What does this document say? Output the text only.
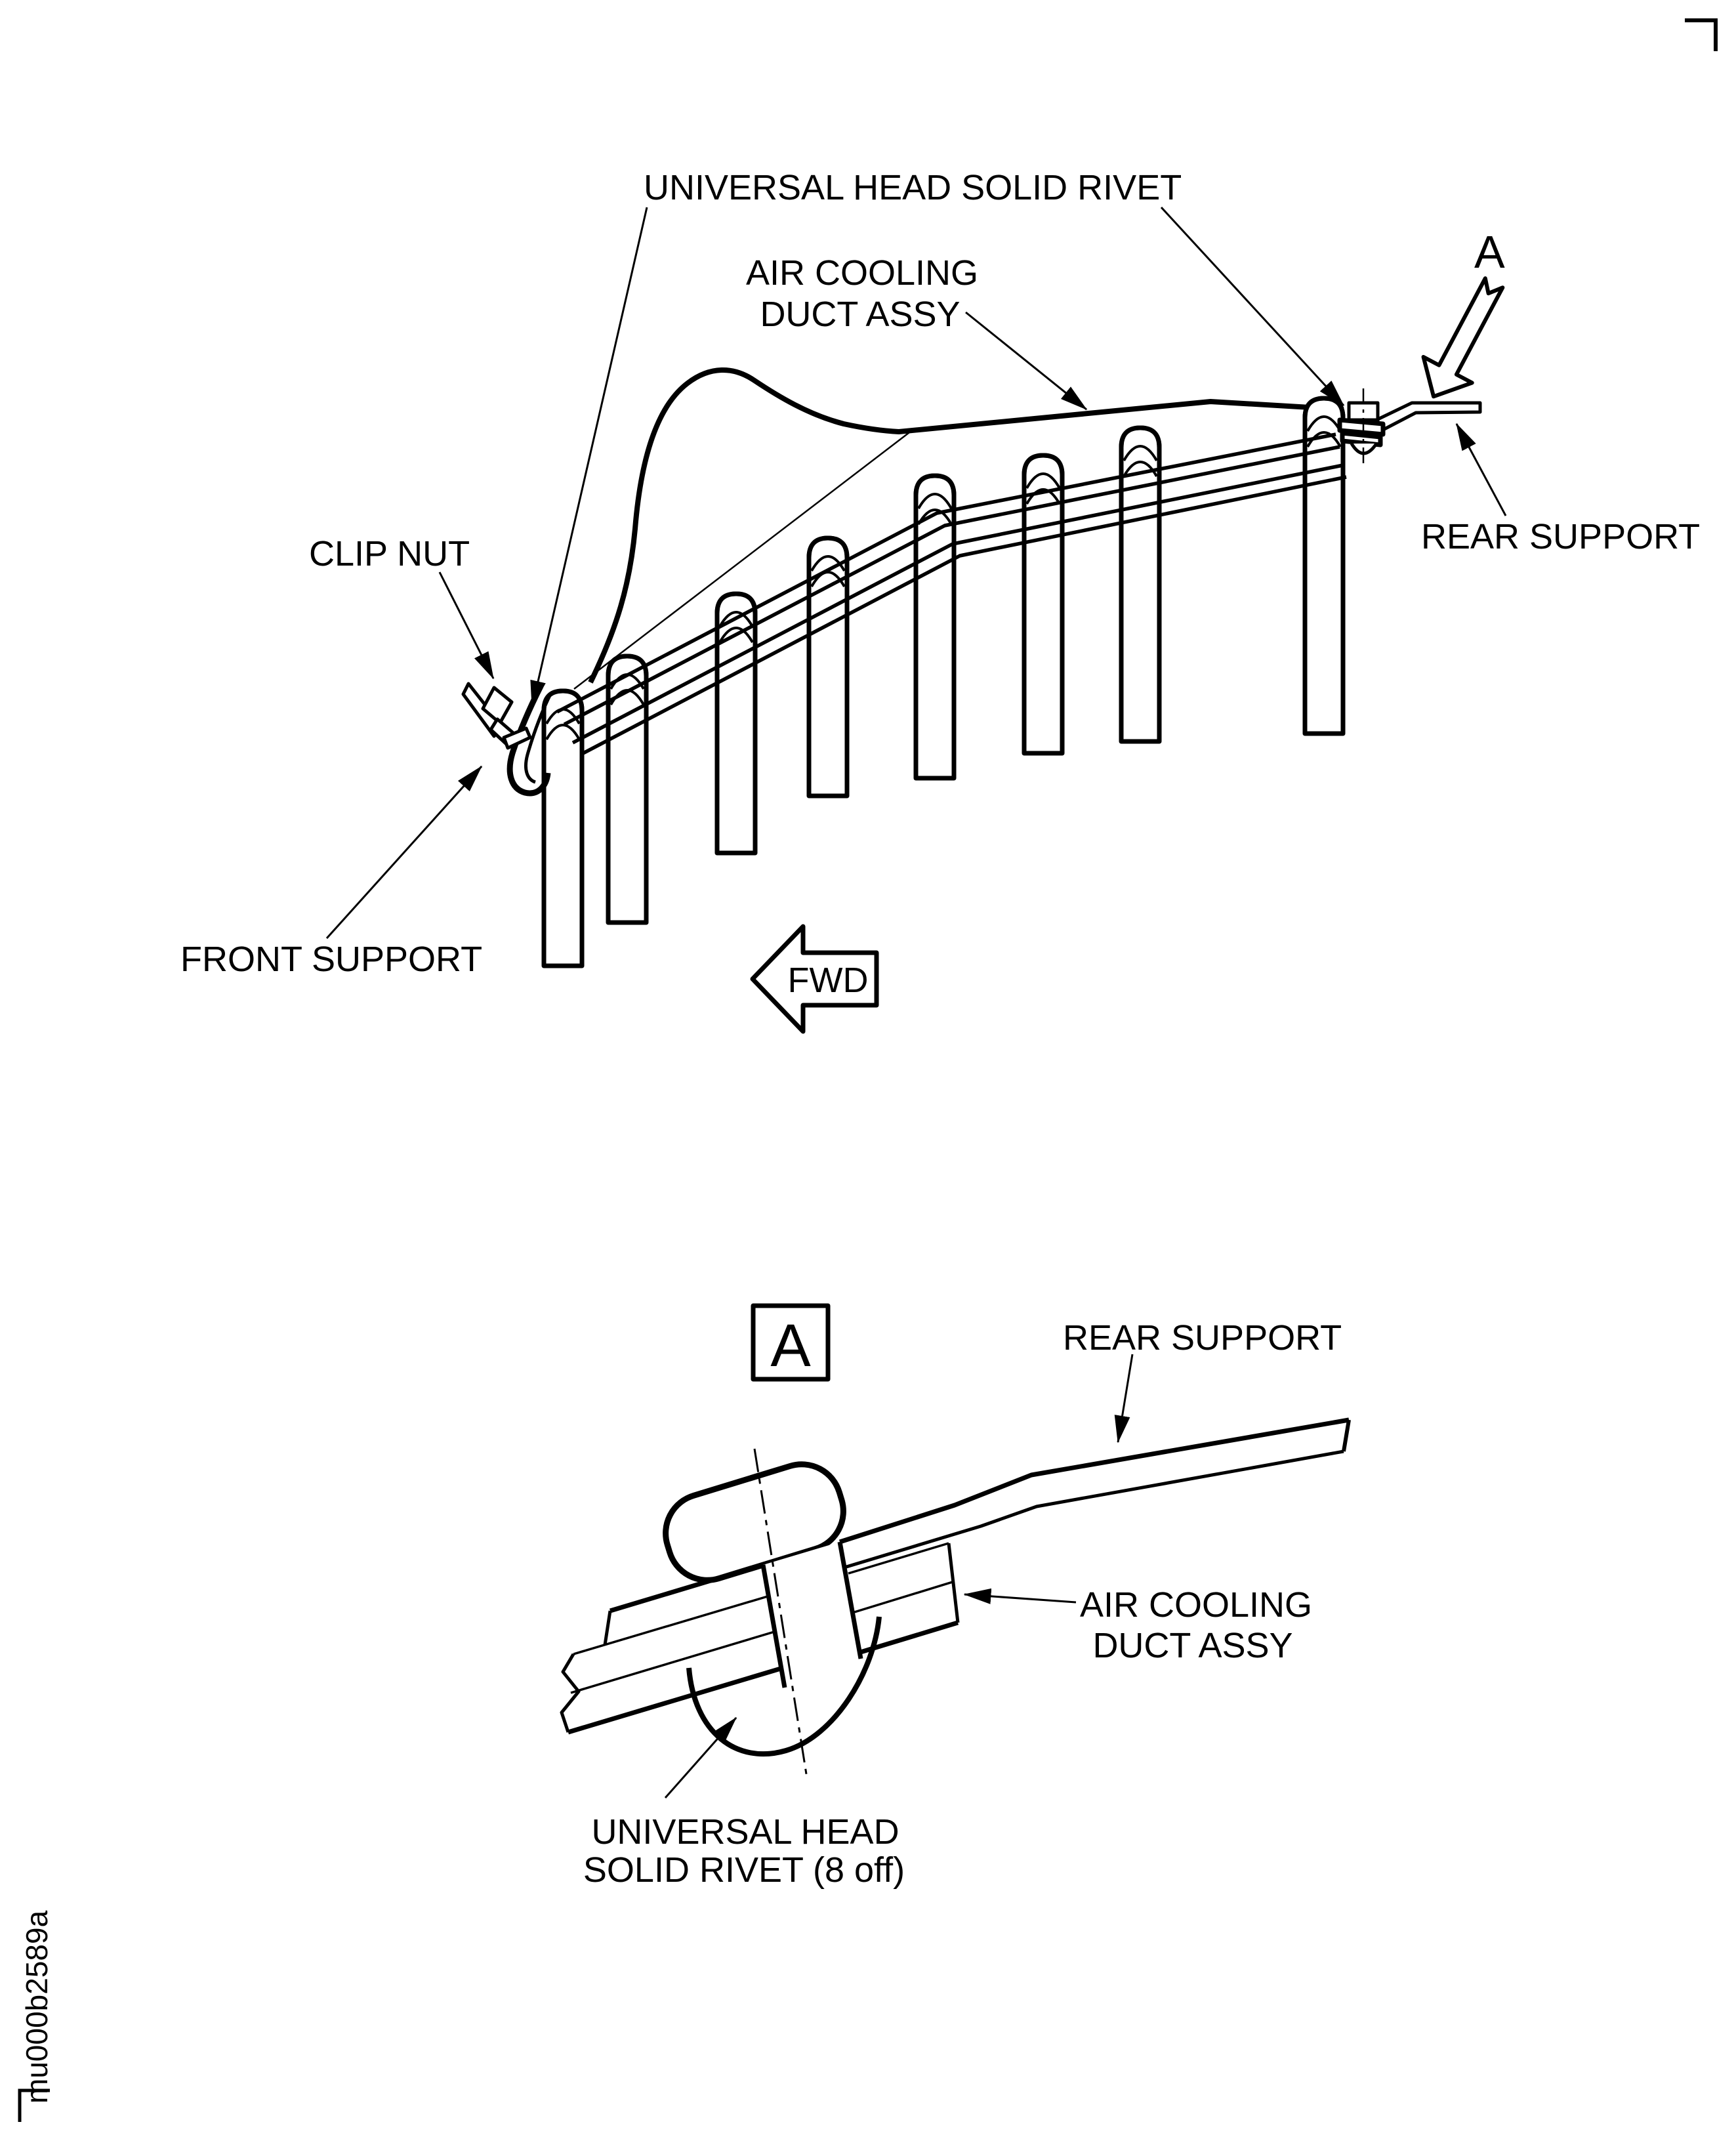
FWD
A
UNIVERSAL HEAD SOLID RIVET
AIR COOLING
DUCT ASSY
REAR SUPPORT
CLIP NUT
FRONT SUPPORT
A	REAR SUPPORT
AIR COOLING
DUCT ASSY
UNIVERSAL HEAD
SOLID RIVET (8 off)
mu000b2589a
